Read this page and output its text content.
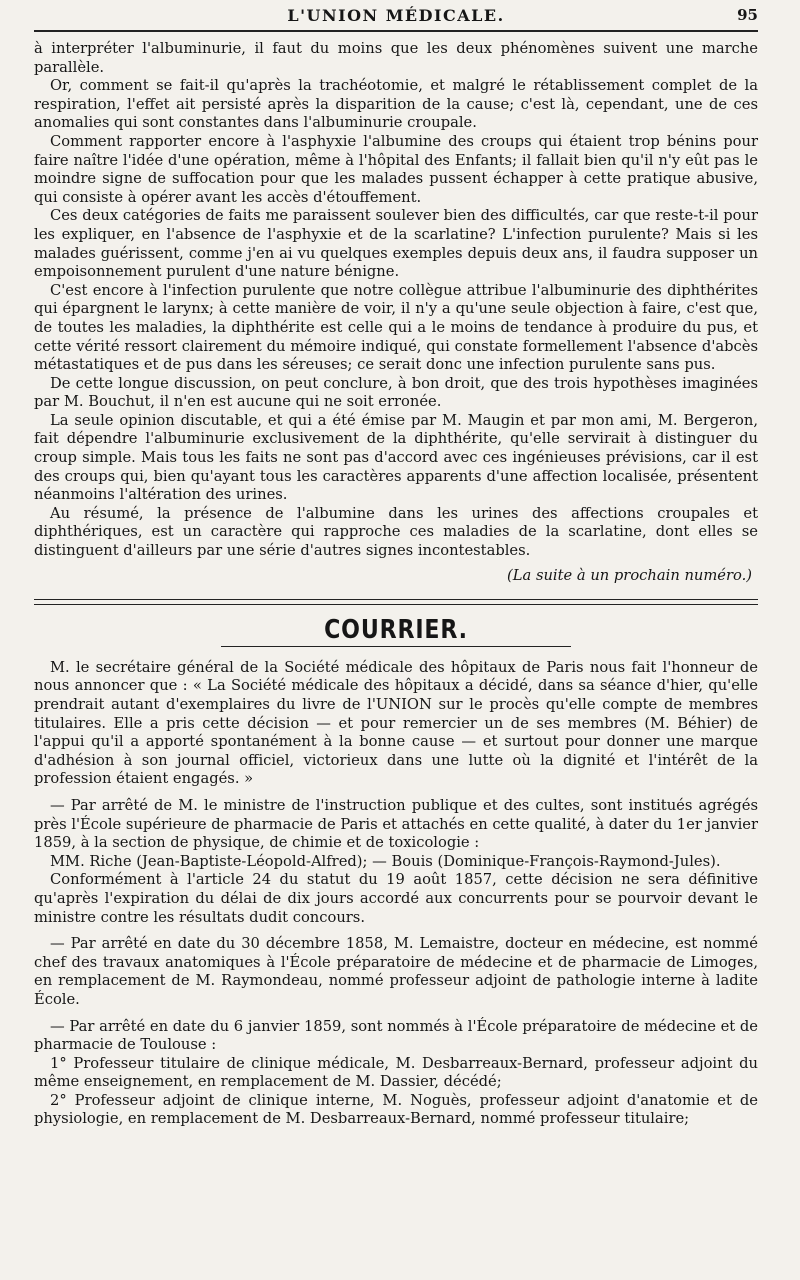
L'UNION MÉDICALE.	95

à interpréter l'albuminurie, il faut du moins que les deux phénomènes suivent une marche parallèle.

Or, comment se fait-il qu'après la trachéotomie, et malgré le rétablissement complet de la respiration, l'effet ait persisté après la disparition de la cause; c'est là, cependant, une de ces anomalies qui sont constantes dans l'albuminurie croupale.

Comment rapporter encore à l'asphyxie l'albumine des croups qui étaient trop bénins pour faire naître l'idée d'une opération, même à l'hôpital des Enfants; il fallait bien qu'il n'y eût pas le moindre signe de suffocation pour que les malades pussent échapper à cette pratique abusive, qui consiste à opérer avant les accès d'étouffement.

Ces deux catégories de faits me paraissent soulever bien des difficultés, car que reste-t-il pour les expliquer, en l'absence de l'asphyxie et de la scarlatine? L'infection purulente? Mais si les malades guérissent, comme j'en ai vu quelques exemples depuis deux ans, il faudra supposer un empoisonnement purulent d'une nature bénigne.

C'est encore à l'infection purulente que notre collègue attribue l'albuminurie des diphthérites qui épargnent le larynx; à cette manière de voir, il n'y a qu'une seule objection à faire, c'est que, de toutes les maladies, la diphthérite est celle qui a le moins de tendance à produire du pus, et cette vérité ressort clairement du mémoire indiqué, qui constate formellement l'absence d'abcès métastatiques et de pus dans les séreuses; ce serait donc une infection purulente sans pus.

De cette longue discussion, on peut conclure, à bon droit, que des trois hypothèses imaginées par M. Bouchut, il n'en est aucune qui ne soit erronée.

La seule opinion discutable, et qui a été émise par M. Maugin et par mon ami, M. Bergeron, fait dépendre l'albuminurie exclusivement de la diphthérite, qu'elle servirait à distinguer du croup simple. Mais tous les faits ne sont pas d'accord avec ces ingénieuses prévisions, car il est des croups qui, bien qu'ayant tous les caractères apparents d'une affection localisée, présentent néanmoins l'altération des urines.

Au résumé, la présence de l'albumine dans les urines des affections croupales et diphthériques, est un caractère qui rapproche ces maladies de la scarlatine, dont elles se distinguent d'ailleurs par une série d'autres signes incontestables.

(La suite à un prochain numéro.)

COURRIER.

M. le secrétaire général de la Société médicale des hôpitaux de Paris nous fait l'honneur de nous annoncer que : « La Société médicale des hôpitaux a décidé, dans sa séance d'hier, qu'elle prendrait autant d'exemplaires du livre de l'UNION sur le procès qu'elle compte de membres titulaires. Elle a pris cette décision — et pour remercier un de ses membres (M. Béhier) de l'appui qu'il a apporté spontanément à la bonne cause — et surtout pour donner une marque d'adhésion à son journal officiel, victorieux dans une lutte où la dignité et l'intérêt de la profession étaient engagés. »

— Par arrêté de M. le ministre de l'instruction publique et des cultes, sont institués agrégés près l'École supérieure de pharmacie de Paris et attachés en cette qualité, à dater du 1er janvier 1859, à la section de physique, de chimie et de toxicologie :

MM. Riche (Jean-Baptiste-Léopold-Alfred); — Bouis (Dominique-François-Raymond-Jules).

Conformément à l'article 24 du statut du 19 août 1857, cette décision ne sera définitive qu'après l'expiration du délai de dix jours accordé aux concurrents pour se pourvoir devant le ministre contre les résultats dudit concours.

— Par arrêté en date du 30 décembre 1858, M. Lemaistre, docteur en médecine, est nommé chef des travaux anatomiques à l'École préparatoire de médecine et de pharmacie de Limoges, en remplacement de M. Raymondeau, nommé professeur adjoint de pathologie interne à ladite École.

— Par arrêté en date du 6 janvier 1859, sont nommés à l'École préparatoire de médecine et de pharmacie de Toulouse :

1° Professeur titulaire de clinique médicale, M. Desbarreaux-Bernard, professeur adjoint du même enseignement, en remplacement de M. Dassier, décédé;

2° Professeur adjoint de clinique interne, M. Noguès, professeur adjoint d'anatomie et de physiologie, en remplacement de M. Desbarreaux-Bernard, nommé professeur titulaire;
